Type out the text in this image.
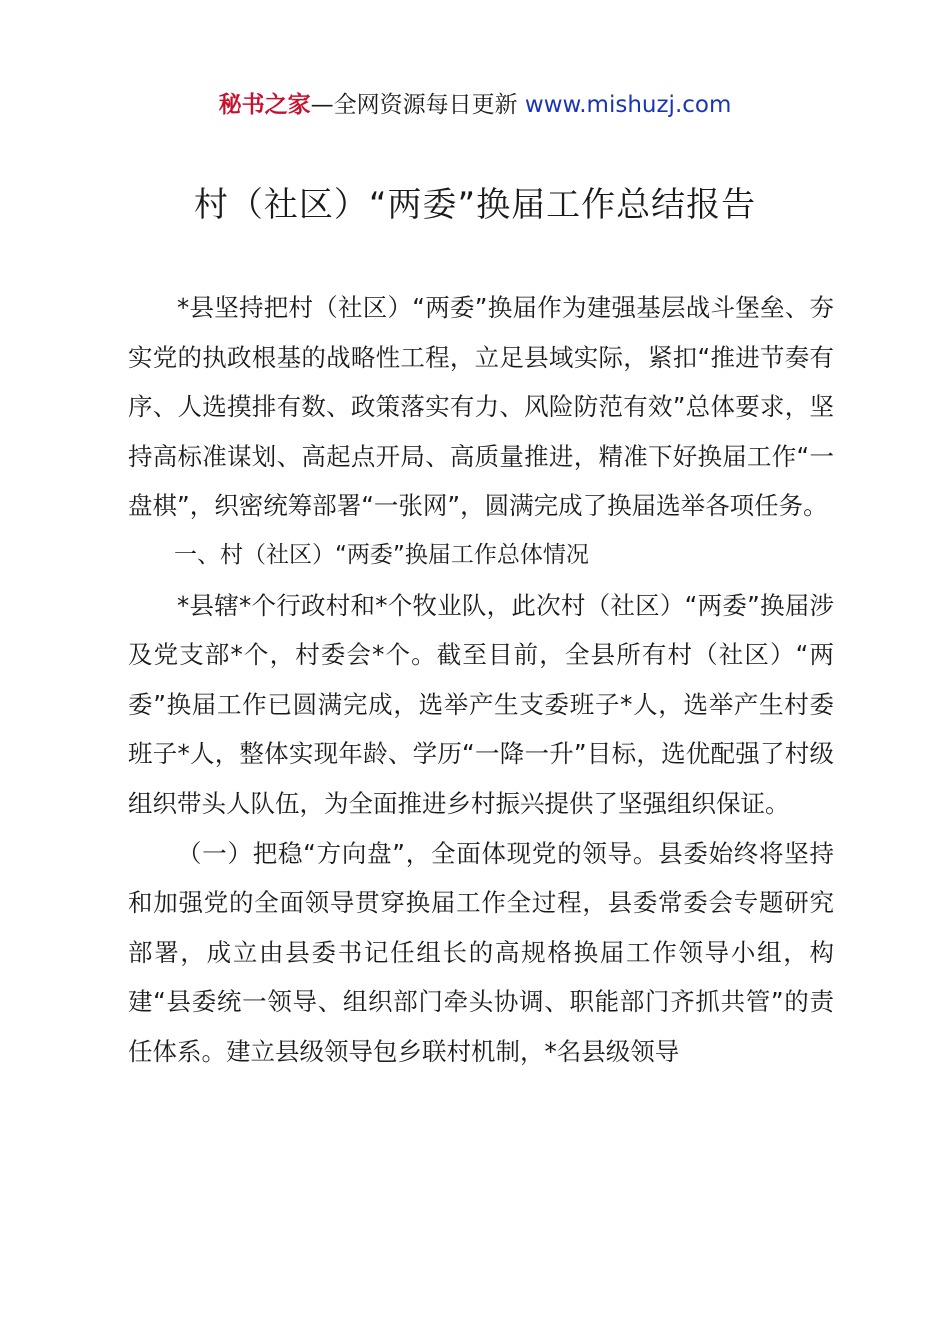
秘书之家—全网资源每日更新 www.mishuzj.com
村（社区）“两委”换届工作总结报告

*县坚持把村（社区）“两委”换届作为建强基层战斗堡垒、夯实党的执政根基的战略性工程，立足县域实际，紧扣“推进节奏有序、人选摸排有数、政策落实有力、风险防范有效”总体要求，坚持高标准谋划、高起点开局、高质量推进，精准下好换届工作“一盘棋”，织密统筹部署“一张网”，圆满完成了换届选举各项任务。

一、村（社区）“两委”换届工作总体情况

*县辖*个行政村和*个牧业队，此次村（社区）“两委”换届涉及党支部*个，村委会*个。截至目前，全县所有村（社区）“两委”换届工作已圆满完成，选举产生支委班子*人，选举产生村委班子*人，整体实现年龄、学历“一降一升”目标，选优配强了村级组织带头人队伍，为全面推进乡村振兴提供了坚强组织保证。

（一）把稳“方向盘”，全面体现党的领导。县委始终将坚持和加强党的全面领导贯穿换届工作全过程，县委常委会专题研究部署，成立由县委书记任组长的高规格换届工作领导小组，构建“县委统一领导、组织部门牵头协调、职能部门齐抓共管”的责任体系。建立县级领导包乡联村机制，*名县级领导
